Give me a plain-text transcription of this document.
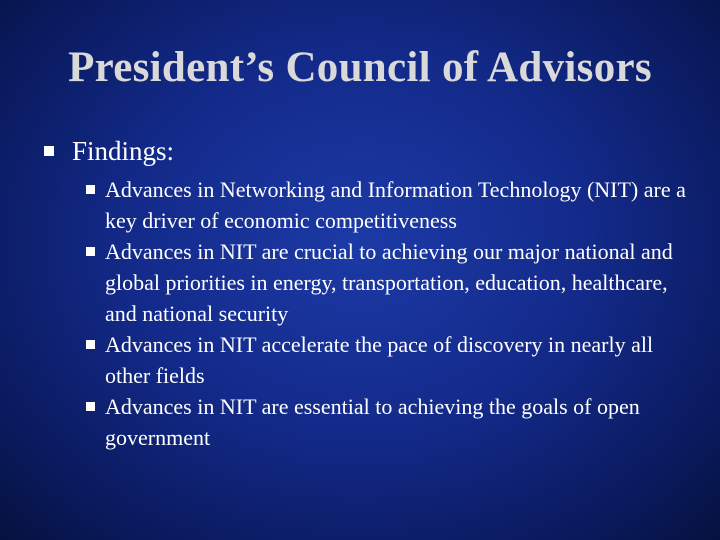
President’s Council of Advisors
Findings:
Advances in Networking and Information Technology (NIT) are a key driver of economic competitiveness
Advances in NIT are crucial to achieving our major national and global priorities in energy, transportation, education, healthcare, and national security
Advances in NIT accelerate the pace of discovery in nearly all other fields
Advances in NIT are essential to achieving the goals of open government
